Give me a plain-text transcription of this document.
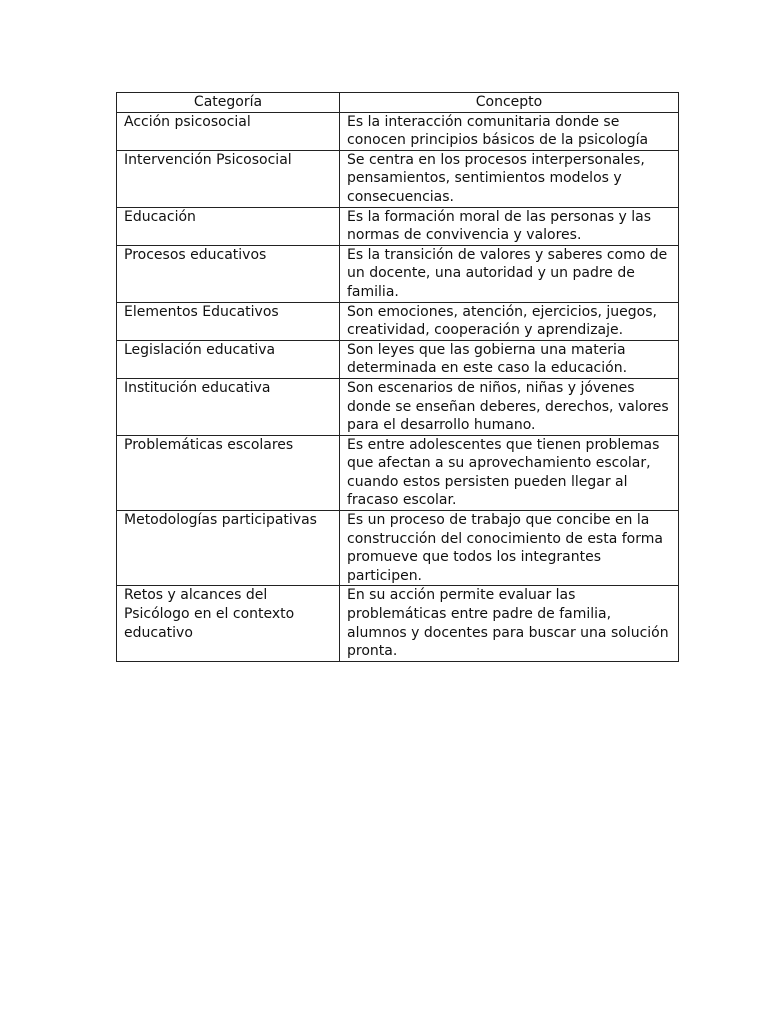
Categoría	Concepto
Acción psicosocial	Es la interacción comunitaria donde se conocen principios básicos de la psicología
Intervención Psicosocial	Se centra en los procesos interpersonales, pensamientos, sentimientos modelos y consecuencias.
Educación	Es la formación moral de las personas y las normas de convivencia y valores.
Procesos educativos	Es la transición de valores y saberes como de un docente, una autoridad y un padre de familia.
Elementos Educativos	Son emociones, atención, ejercicios, juegos, creatividad, cooperación y aprendizaje.
Legislación educativa	Son leyes que las gobierna una materia determinada en este caso la educación.
Institución educativa	Son escenarios de niños, niñas y jóvenes donde se enseñan deberes, derechos, valores para el desarrollo humano.
Problemáticas escolares	Es entre adolescentes que tienen problemas que afectan a su aprovechamiento escolar, cuando estos persisten pueden llegar al fracaso escolar.
Metodologías participativas	Es un proceso de trabajo que concibe en la construcción del conocimiento de esta forma promueve que todos los integrantes participen.
Retos y alcances del Psicólogo en el contexto educativo	En su acción permite evaluar las problemáticas entre padre de familia, alumnos y docentes para buscar una solución pronta.
